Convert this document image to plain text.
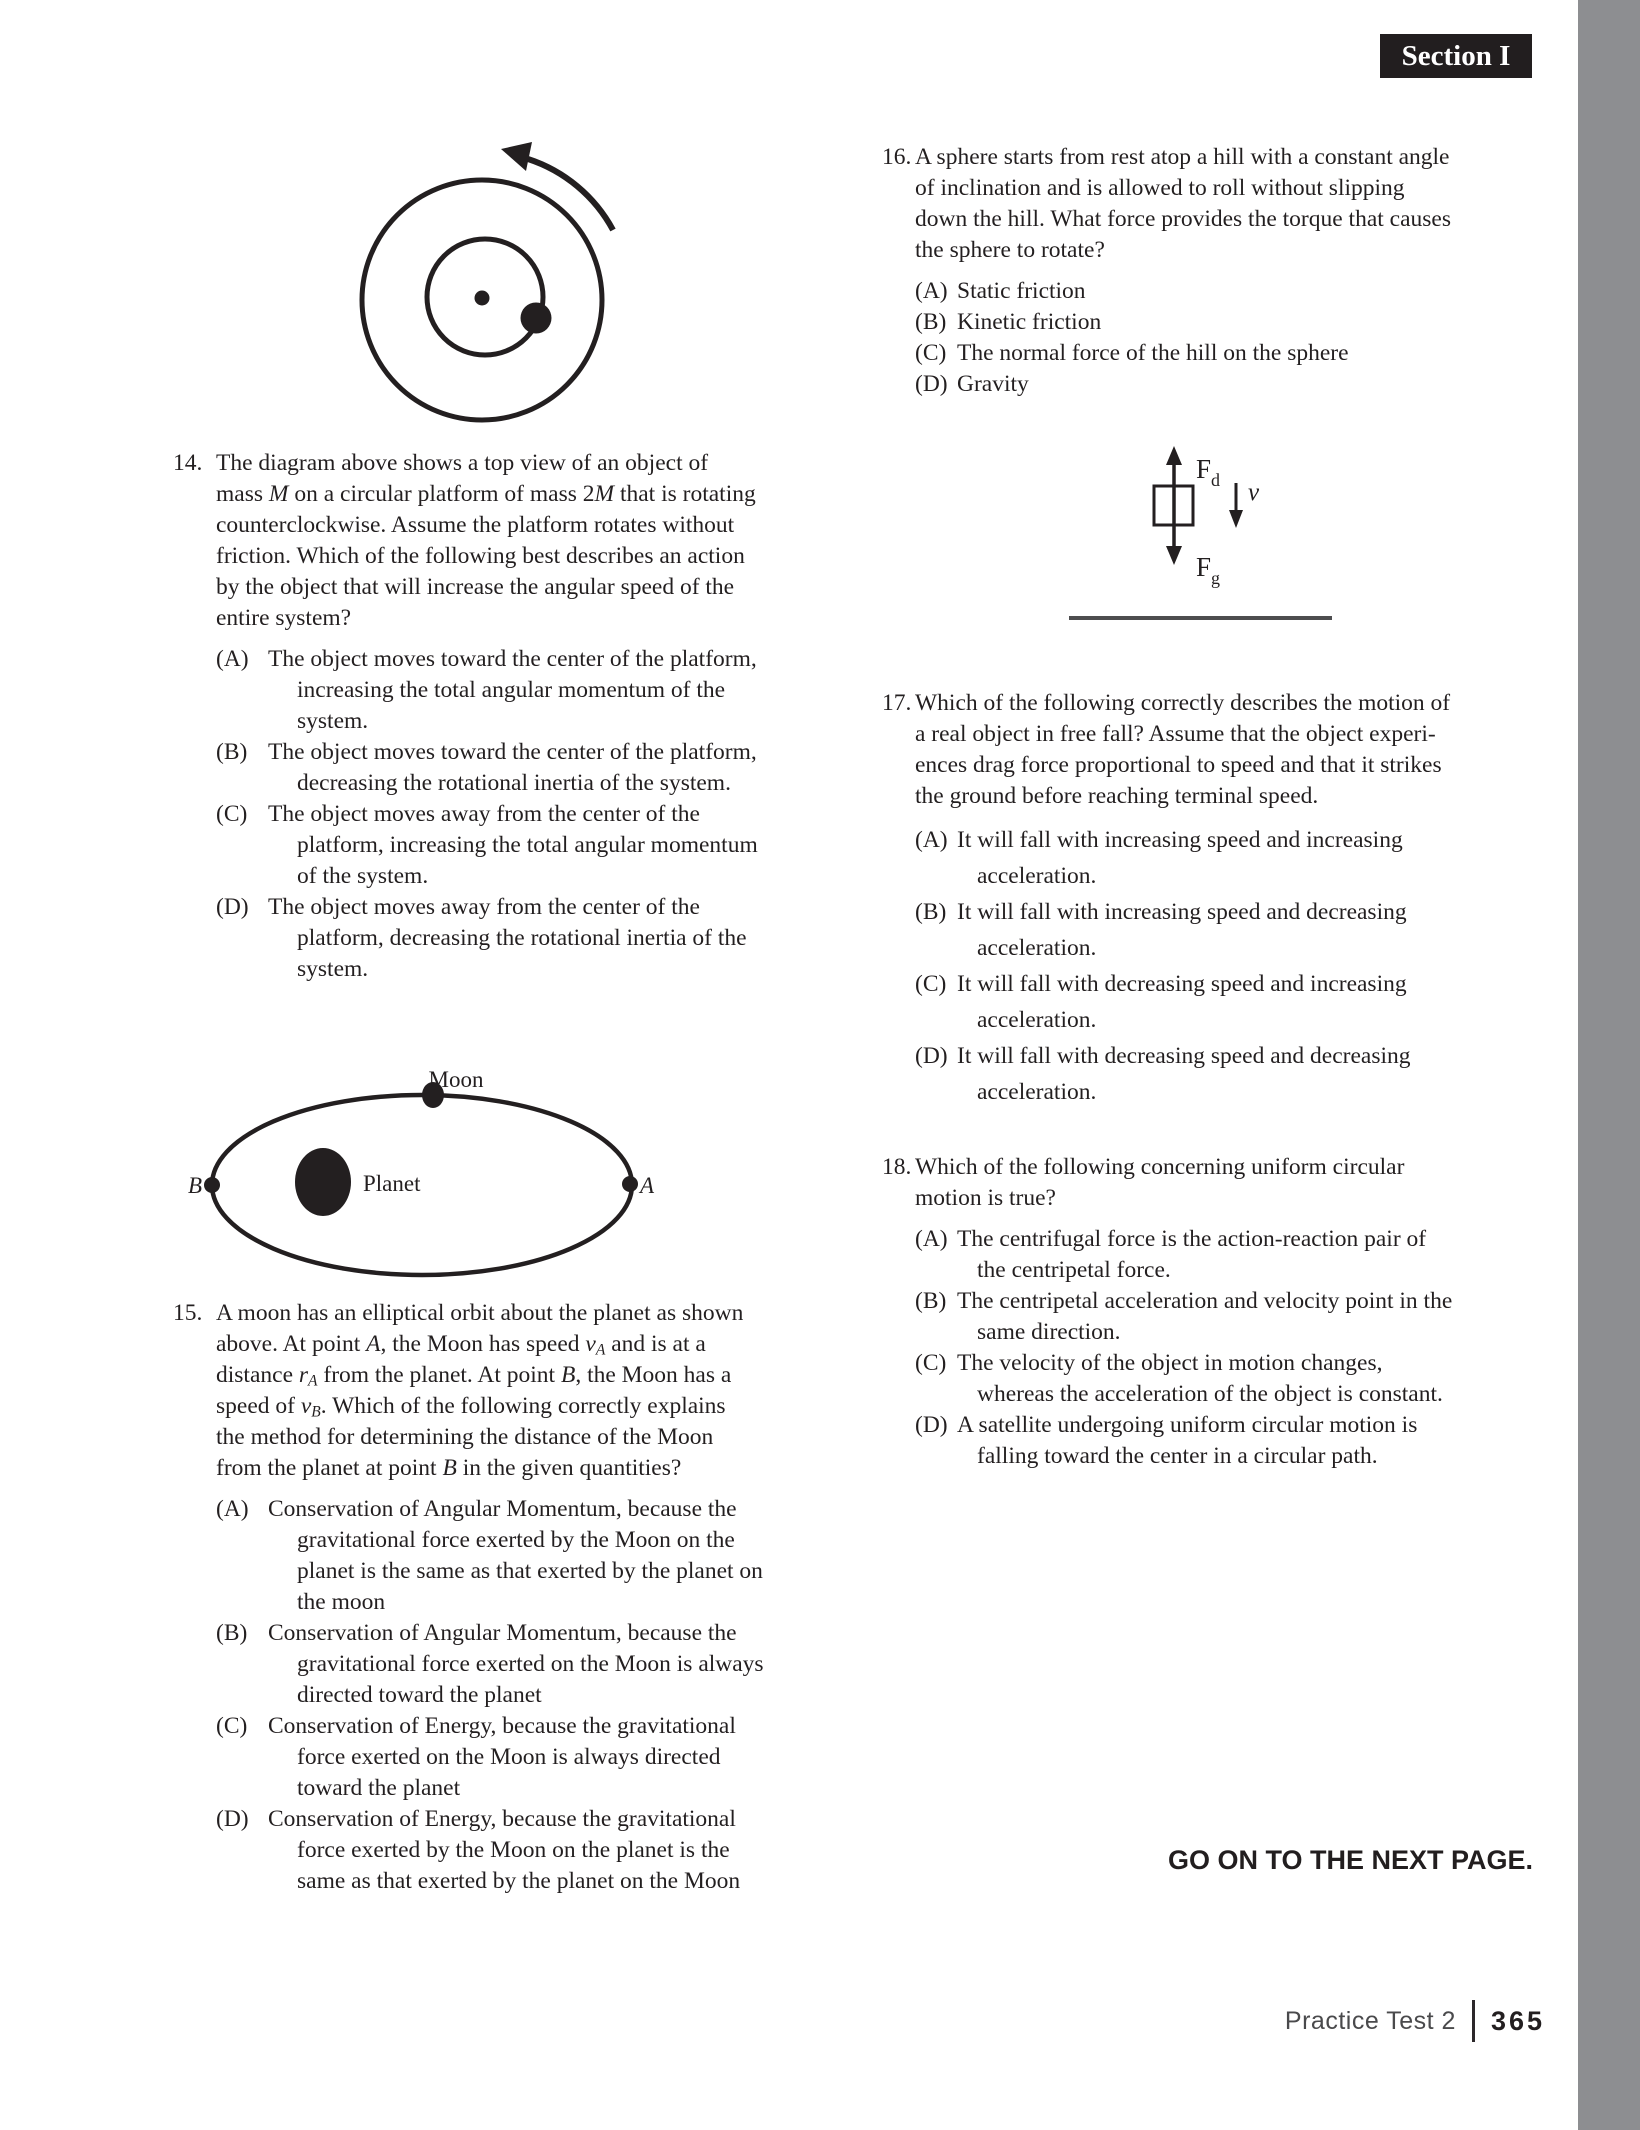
Section I
14. The diagram above shows a top view of an object of
mass M on a circular platform of mass 2M that is rotating
counterclockwise. Assume the platform rotates without
friction. Which of the following best describes an action
by the object that will increase the angular speed of the
entire system?
(A) The object moves toward the center of the platform,
increasing the total angular momentum of the
system.
(B) The object moves toward the center of the platform,
decreasing the rotational inertia of the system.
(C) The object moves away from the center of the
platform, increasing the total angular momentum
of the system.
(D) The object moves away from the center of the
platform, decreasing the rotational inertia of the
system.
Moon
Planet
B	A
15. A moon has an elliptical orbit about the planet as shown
above. At point A, the Moon has speed $v_A$ and is at a
distance $r_A$ from the planet. At point B, the Moon has a
speed of $v_B$. Which of the following correctly explains
the method for determining the distance of the Moon
from the planet at point B in the given quantities?
(A) Conservation of Angular Momentum, because the
gravitational force exerted by the Moon on the
planet is the same as that exerted by the planet on
the moon
(B) Conservation of Angular Momentum, because the
gravitational force exerted on the Moon is always
directed toward the planet
(C) Conservation of Energy, because the gravitational
force exerted on the Moon is always directed
toward the planet
(D) Conservation of Energy, because the gravitational
force exerted by the Moon on the planet is the
same as that exerted by the planet on the Moon
16. A sphere starts from rest atop a hill with a constant angle
of inclination and is allowed to roll without slipping
down the hill. What force provides the torque that causes
the sphere to rotate?
(A) Static friction
(B) Kinetic friction
(C) The normal force of the hill on the sphere
(D) Gravity
$F_d$
$F_g$
v
17. Which of the following correctly describes the motion of
a real object in free fall? Assume that the object experi-
ences drag force proportional to speed and that it strikes
the ground before reaching terminal speed.
(A) It will fall with increasing speed and increasing
acceleration.
(B) It will fall with increasing speed and decreasing
acceleration.
(C) It will fall with decreasing speed and increasing
acceleration.
(D) It will fall with decreasing speed and decreasing
acceleration.
18. Which of the following concerning uniform circular
motion is true?
(A) The centrifugal force is the action-reaction pair of
the centripetal force.
(B) The centripetal acceleration and velocity point in the
same direction.
(C) The velocity of the object in motion changes,
whereas the acceleration of the object is constant.
(D) A satellite undergoing uniform circular motion is
falling toward the center in a circular path.
GO ON TO THE NEXT PAGE.
Practice Test 2 365
